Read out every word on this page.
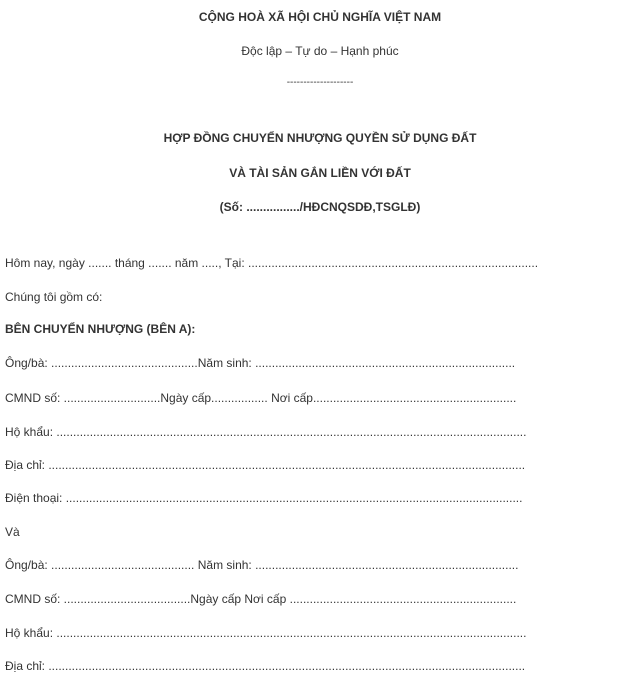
CỘNG HOÀ XÃ HỘI CHỦ NGHĨA VIỆT NAM
Độc lập – Tự do – Hạnh phúc
--------------------
HỢP ĐỒNG CHUYỂN NHƯỢNG QUYỀN SỬ DỤNG ĐẤT
VÀ TÀI SẢN GẮN LIỀN VỚI ĐẤT
(Số: ................/HĐCNQSDĐ,TSGLĐ)
Hôm nay, ngày ....... tháng ....... năm ....., Tại: .......................................................................................
Chúng tôi gồm có:
BÊN CHUYỂN NHƯỢNG (BÊN A):
Ông/bà: ............................................Năm sinh: ..............................................................................
CMND số: .............................Ngày cấp................. Nơi cấp.............................................................
Hộ khẩu: .............................................................................................................................................
Địa chỉ: ...............................................................................................................................................
Điện thoại: .........................................................................................................................................
Và
Ông/bà: ........................................... Năm sinh: ...............................................................................
CMND số: ......................................Ngày cấp Nơi cấp ....................................................................
Hộ khẩu: .............................................................................................................................................
Địa chỉ: ...............................................................................................................................................
